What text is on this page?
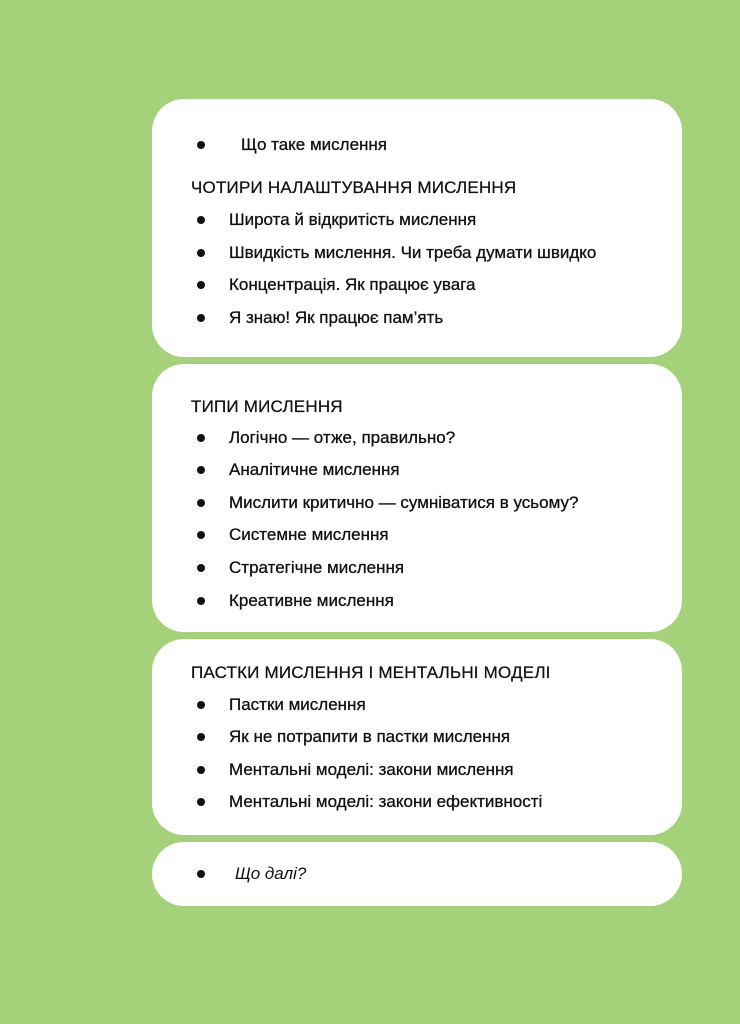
Що таке мислення
ЧОТИРИ НАЛАШТУВАННЯ МИСЛЕННЯ
Широта й відкритість мислення
Швидкість мислення. Чи треба думати швидко
Концентрація. Як працює увага
Я знаю! Як працює пам’ять
ТИПИ МИСЛЕННЯ
Логічно — отже, правильно?
Аналітичне мислення
Мислити критично — сумніватися в усьому?
Системне мислення
Стратегічне мислення
Креативне мислення
ПАСТКИ МИСЛЕННЯ І МЕНТАЛЬНІ МОДЕЛІ
Пастки мислення
Як не потрапити в пастки мислення
Ментальні моделі: закони мислення
Ментальні моделі: закони ефективності
Що далі?
